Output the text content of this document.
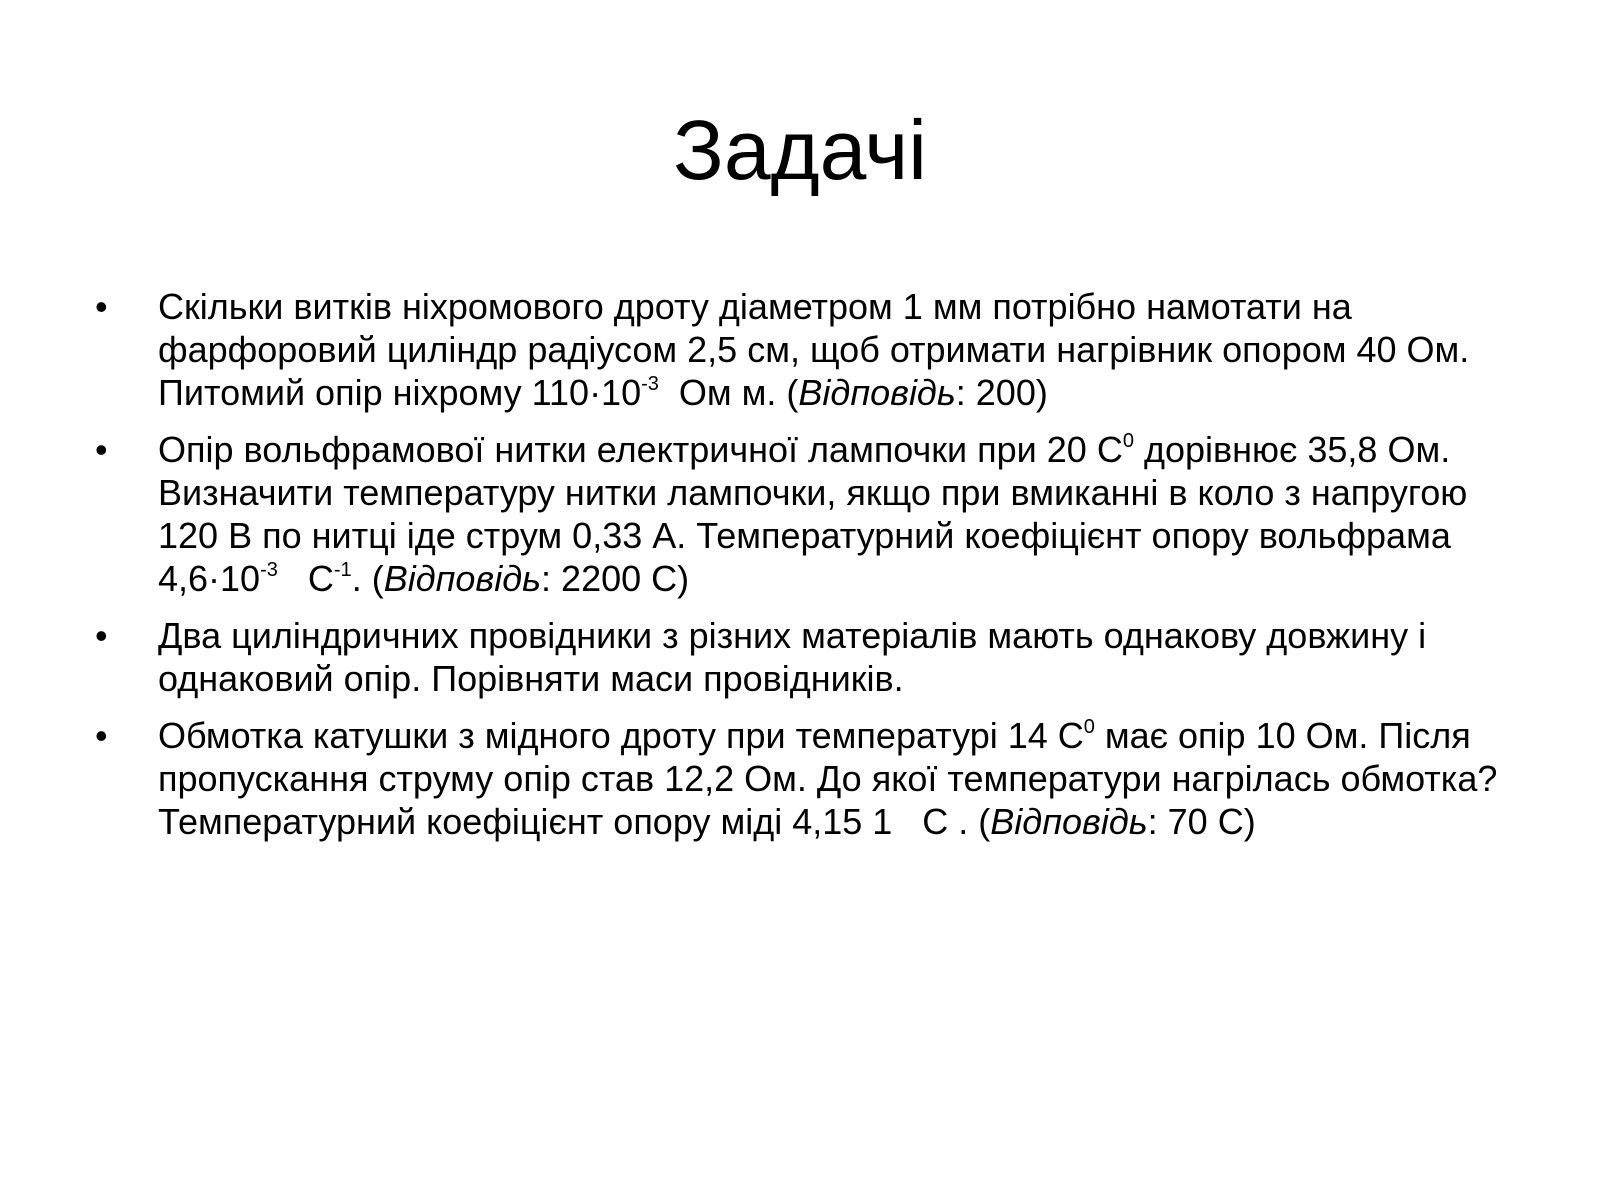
Задачі
•	Скільки витків ніхромового дроту діаметром 1 мм потрібно намотати на фарфоровий циліндр радіусом 2,5 см, щоб отримати нагрівник опором 40 Ом. Питомий опір ніхрому $110\cdot 10^{-3}$  Ом м. (Відповідь: 200)
•	Опір вольфрамової нитки електричної лампочки при 20 $С^0$ дорівнює 35,8 Ом. Визначити температуру нитки лампочки, якщо при вмиканні в коло з напругою 120 В по нитці іде струм 0,33 А. Температурний коефіцієнт опору вольфрама $4,6\cdot 10^{-3}$   $С^{-1}$. (Відповідь: 2200 С)
•	Два циліндричних провідники з різних матеріалів мають однакову довжину і однаковий опір. Порівняти маси провідників.
•	Обмотка катушки з мідного дроту при температурі 14 $С^0$ має опір 10 Ом. Після пропускання струму опір став 12,2 Ом. До якої температури нагрілась обмотка? Температурний коефіцієнт опору міді 4,15 1   С . (Відповідь: 70 С)
